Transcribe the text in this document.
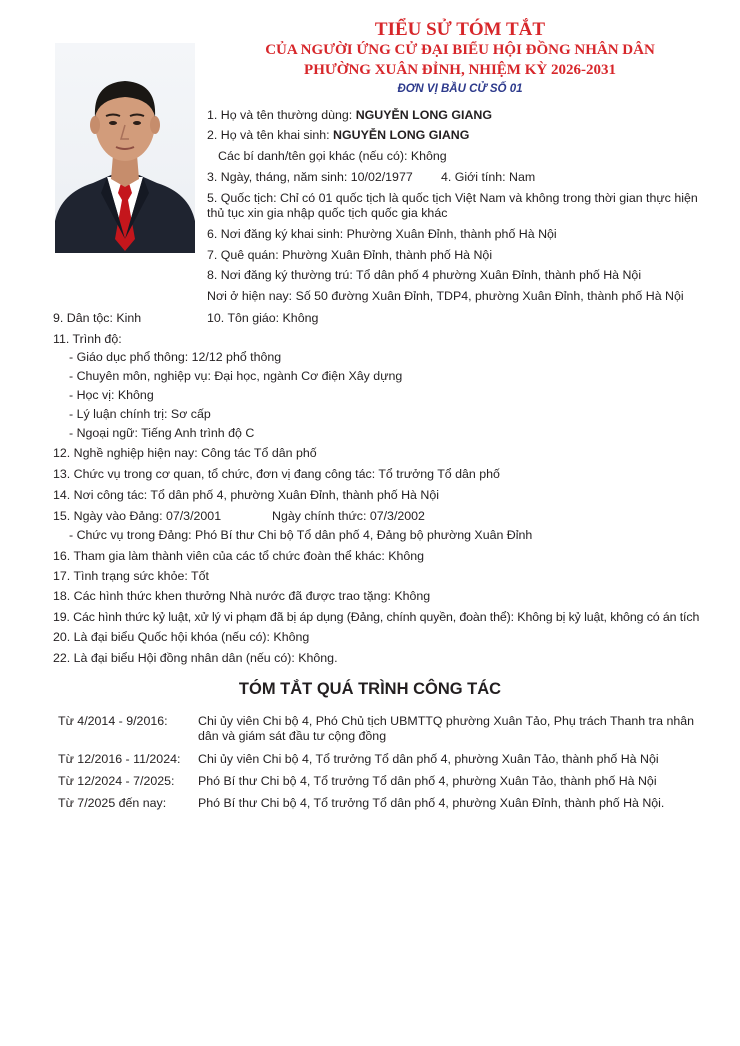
TIỂU SỬ TÓM TẮT
CỦA NGƯỜI ỨNG CỬ ĐẠI BIỂU HỘI ĐỒNG NHÂN DÂN
PHƯỜNG XUÂN ĐỈNH, NHIỆM KỲ 2026-2031
ĐƠN VỊ BẦU CỬ SỐ 01
1. Họ và tên thường dùng: NGUYỄN LONG GIANG
2. Họ và tên khai sinh: NGUYỄN LONG GIANG
Các bí danh/tên gọi khác (nếu có): Không
3. Ngày, tháng, năm sinh: 10/02/1977 4. Giới tính: Nam
5. Quốc tịch: Chỉ có 01 quốc tịch là quốc tịch Việt Nam và không trong thời gian thực hiện
thủ tục xin gia nhập quốc tịch quốc gia khác
6. Nơi đăng ký khai sinh: Phường Xuân Đỉnh, thành phố Hà Nội
7. Quê quán: Phường Xuân Đỉnh, thành phố Hà Nội
8. Nơi đăng ký thường trú: Tổ dân phố 4 phường Xuân Đỉnh, thành phố Hà Nội
Nơi ở hiện nay: Số 50 đường Xuân Đỉnh, TDP4, phường Xuân Đỉnh, thành phố Hà Nội
9. Dân tộc: Kinh	10. Tôn giáo: Không
11. Trình độ:
- Giáo dục phổ thông: 12/12 phổ thông
- Chuyên môn, nghiệp vụ: Đại học, ngành Cơ điện Xây dựng
- Học vị: Không
- Lý luận chính trị: Sơ cấp
- Ngoại ngữ: Tiếng Anh trình độ C
12. Nghề nghiệp hiện nay: Công tác Tổ dân phố
13. Chức vụ trong cơ quan, tổ chức, đơn vị đang công tác: Tổ trưởng Tổ dân phố
14. Nơi công tác: Tổ dân phố 4, phường Xuân Đỉnh, thành phố Hà Nội
15. Ngày vào Đảng: 07/3/2001	Ngày chính thức: 07/3/2002
- Chức vụ trong Đảng: Phó Bí thư Chi bộ Tổ dân phố 4, Đảng bộ phường Xuân Đỉnh
16. Tham gia làm thành viên của các tổ chức đoàn thể khác: Không
17. Tình trạng sức khỏe: Tốt
18. Các hình thức khen thưởng Nhà nước đã được trao tặng: Không
19. Các hình thức kỷ luật, xử lý vi phạm đã bị áp dụng (Đảng, chính quyền, đoàn thể): Không bị kỷ luật, không có án tích
20. Là đại biểu Quốc hội khóa (nếu có): Không
22. Là đại biểu Hội đồng nhân dân (nếu có): Không.
TÓM TẮT QUÁ TRÌNH CÔNG TÁC
Từ 4/2014 - 9/2016: Chi ủy viên Chi bộ 4, Phó Chủ tịch UBMTTQ phường Xuân Tảo, Phụ trách Thanh tra nhân dân và giám sát đầu tư cộng đồng
Từ 12/2016 - 11/2024: Chi ủy viên Chi bộ 4, Tổ trưởng Tổ dân phố 4, phường Xuân Tảo, thành phố Hà Nội
Từ 12/2024 - 7/2025: Phó Bí thư Chi bộ 4, Tổ trưởng Tổ dân phố 4, phường Xuân Tảo, thành phố Hà Nội
Từ 7/2025 đến nay:	Phó Bí thư Chi bộ 4, Tổ trưởng Tổ dân phố 4, phường Xuân Đỉnh, thành phố Hà Nội.
